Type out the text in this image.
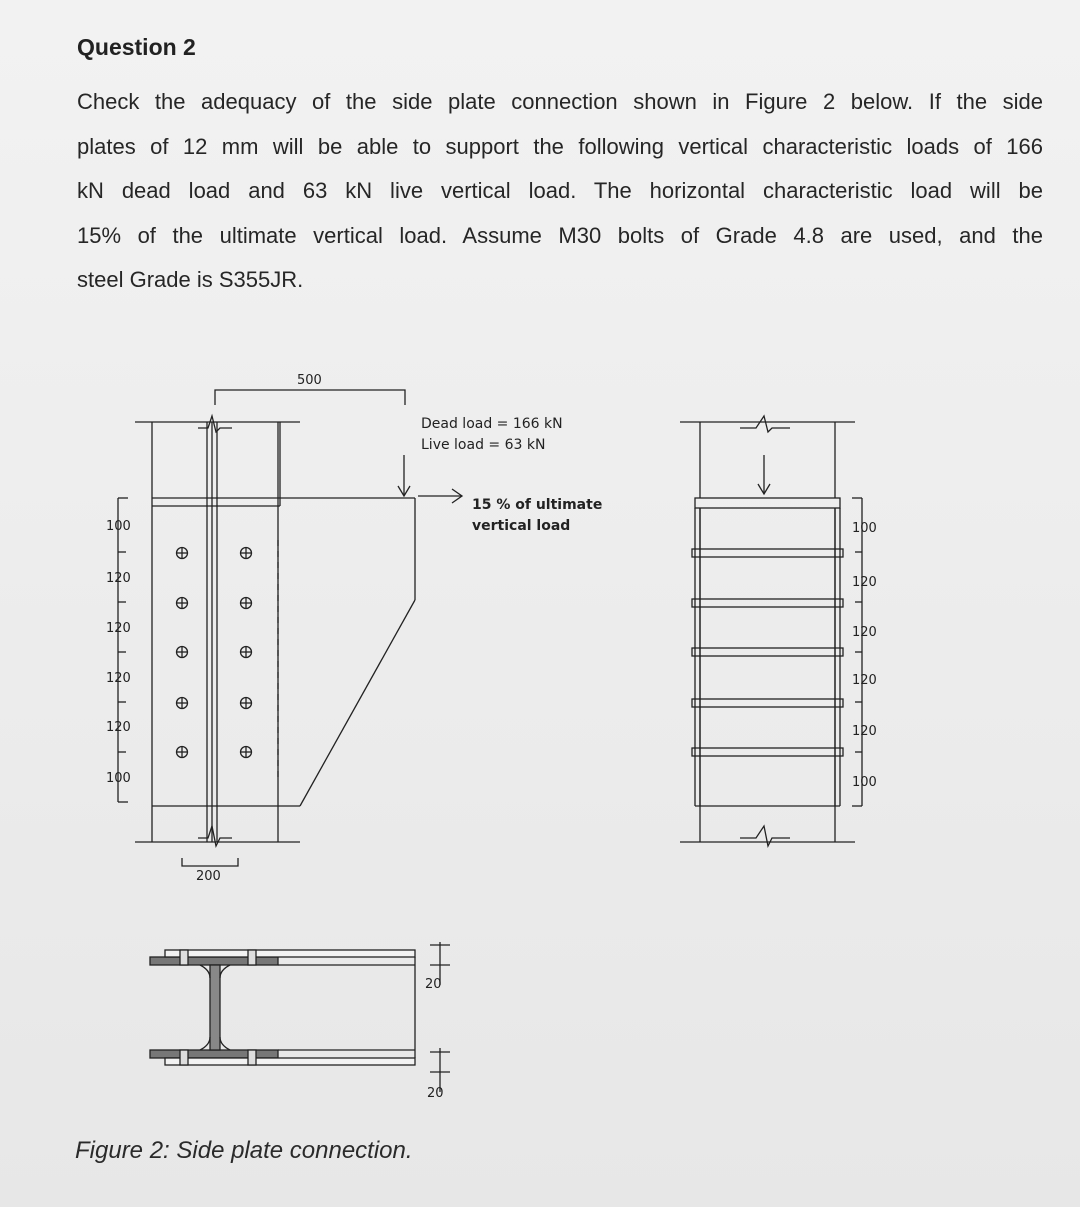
Question 2
Check the adequacy of the side plate connection shown in Figure 2 below. If the side
plates of 12 mm will be able to support the following vertical characteristic loads of 166
kN dead load and 63 kN live vertical load. The horizontal characteristic load will be
15% of the ultimate vertical load. Assume M30 bolts of Grade 4.8 are used, and the
steel Grade is S355JR.
500
Dead load = 166 kN
Live load = 63 kN
15 % of ultimate
vertical load
200
100
120
120
120
120
100
100
120
120
120
120
100
20
20
Figure 2: Side plate connection.
